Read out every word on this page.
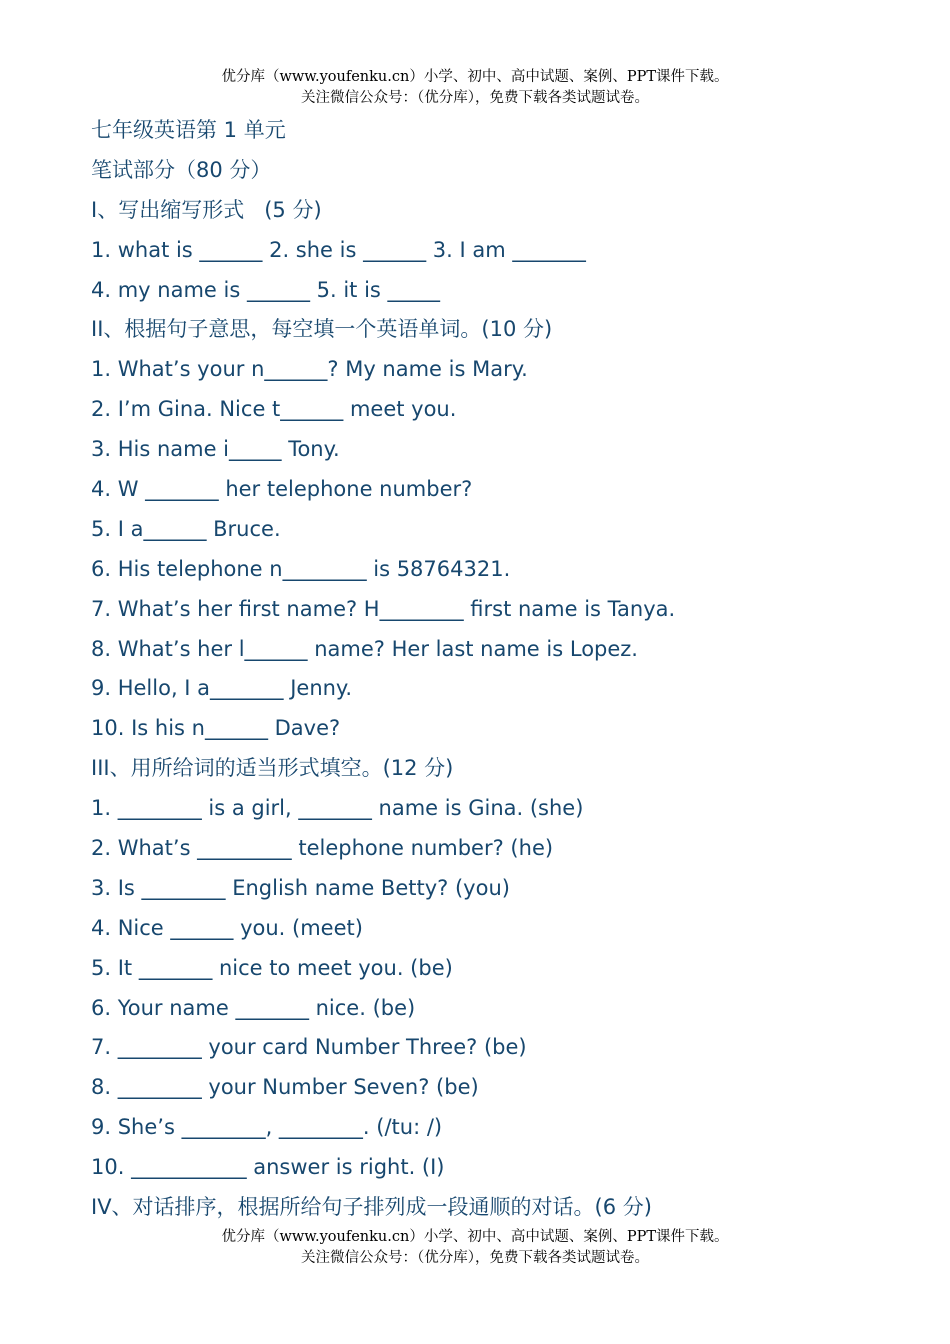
优分库（www.youfenku.cn）小学、初中、高中试题、案例、PPT课件下载。
关注微信公众号：（优分库），免费下载各类试题试卷。
七年级英语第 1 单元
笔试部分（80 分）
I、写出缩写形式   (5 分)
1. what is ______ 2. she is ______ 3. I am _______
4. my name is ______ 5. it is _____
II、根据句子意思，每空填一个英语单词。(10 分)
1. What’s your n______? My name is Mary.
2. I’m Gina. Nice t______ meet you.
3. His name i_____ Tony.
4. W _______ her telephone number?
5. I a______ Bruce.
6. His telephone n________ is 58764321.
7. What’s her first name? H________ first name is Tanya.
8. What’s her l______ name? Her last name is Lopez.
9. Hello, I a_______ Jenny.
10. Is his n______ Dave?
III、用所给词的适当形式填空。(12 分)
1. ________ is a girl, _______ name is Gina. (she)
2. What’s _________ telephone number? (he)
3. Is ________ English name Betty? (you)
4. Nice ______ you. (meet)
5. It _______ nice to meet you. (be)
6. Your name _______ nice. (be)
7. ________ your card Number Three? (be)
8. ________ your Number Seven? (be)
9. She’s ________, ________. (/tu: /)
10. ___________ answer is right. (I)
IV、对话排序，根据所给句子排列成一段通顺的对话。(6 分)
优分库（www.youfenku.cn）小学、初中、高中试题、案例、PPT课件下载。
关注微信公众号：（优分库），免费下载各类试题试卷。
